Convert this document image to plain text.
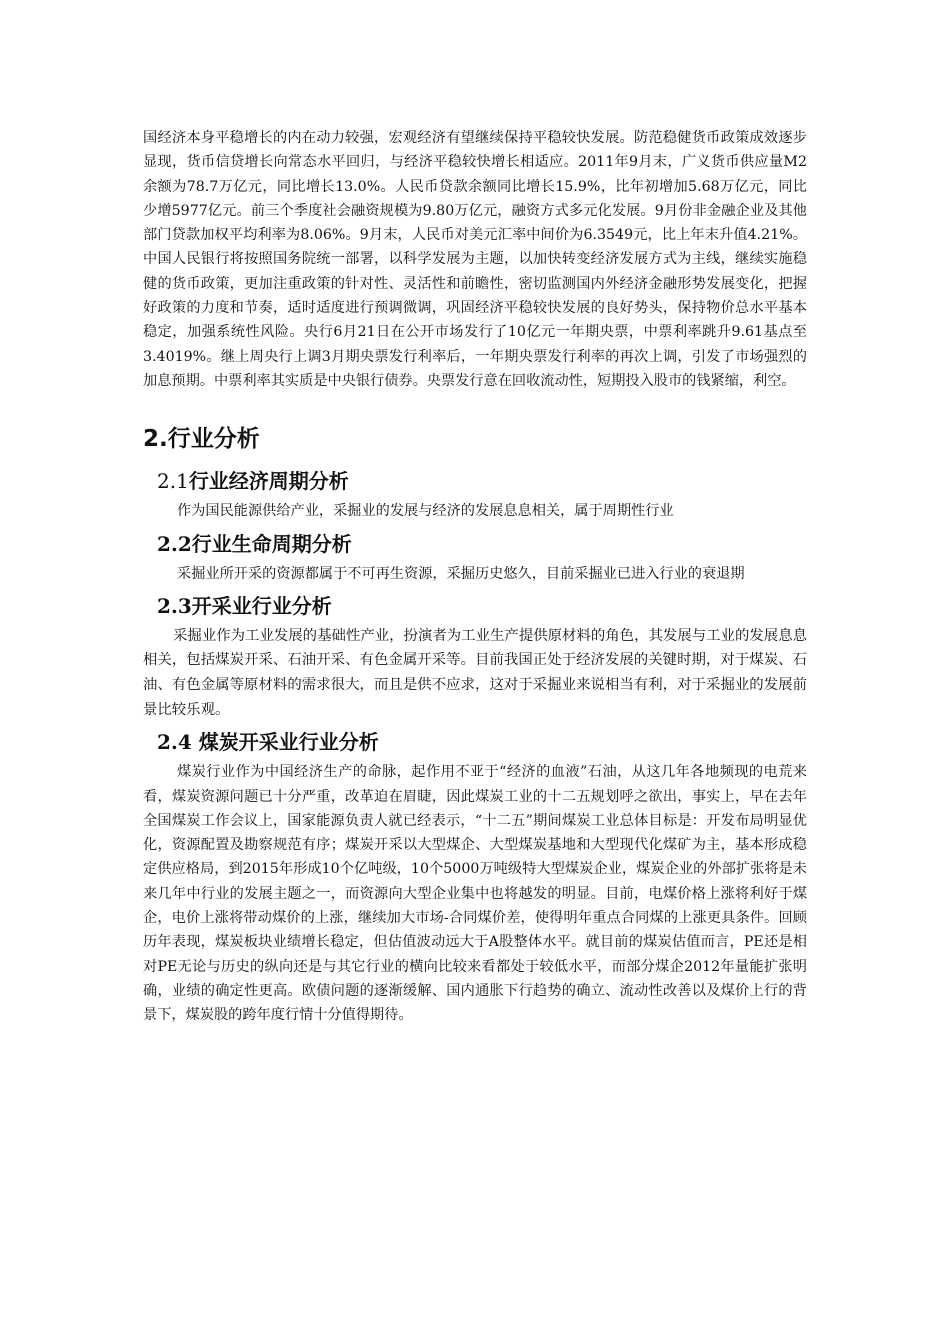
国经济本身平稳增长的内在动力较强，宏观经济有望继续保持平稳较快发展。防范稳健货币政策成效逐步显现，货币信贷增长向常态水平回归，与经济平稳较快增长相适应。2011年9月末，广义货币供应量M2余额为78.7万亿元，同比增长13.0%。人民币贷款余额同比增长15.9%，比年初增加5.68万亿元，同比少增5977亿元。前三个季度社会融资规模为9.80万亿元，融资方式多元化发展。9月份非金融企业及其他部门贷款加权平均利率为8.06%。9月末，人民币对美元汇率中间价为6.3549元，比上年末升值4.21%。中国人民银行将按照国务院统一部署，以科学发展为主题，以加快转变经济发展方式为主线，继续实施稳健的货币政策，更加注重政策的针对性、灵活性和前瞻性，密切监测国内外经济金融形势发展变化，把握好政策的力度和节奏，适时适度进行预调微调，巩固经济平稳较快发展的良好势头，保持物价总水平基本稳定，加强系统性风险。央行6月21日在公开市场发行了10亿元一年期央票，中票利率跳升9.61基点至3.4019%。继上周央行上调3月期央票发行利率后，一年期央票发行利率的再次上调，引发了市场强烈的加息预期。中票利率其实质是中央银行债券。央票发行意在回收流动性，短期投入股市的钱紧缩，利空。

2.行业分析
2.1行业经济周期分析

作为国民能源供给产业，采掘业的发展与经济的发展息息相关，属于周期性行业

2.2行业生命周期分析

采掘业所开采的资源都属于不可再生资源，采掘历史悠久，目前采掘业已进入行业的衰退期

2.3开采业行业分析

采掘业作为工业发展的基础性产业，扮演者为工业生产提供原材料的角色，其发展与工业的发展息息相关，包括煤炭开采、石油开采、有色金属开采等。目前我国正处于经济发展的关键时期，对于煤炭、石油、有色金属等原材料的需求很大，而且是供不应求，这对于采掘业来说相当有利，对于采掘业的发展前景比较乐观。

2.4 煤炭开采业行业分析

煤炭行业作为中国经济生产的命脉，起作用不亚于“经济的血液”石油，从这几年各地频现的电荒来看，煤炭资源问题已十分严重，改革迫在眉睫，因此煤炭工业的十二五规划呼之欲出，事实上，早在去年全国煤炭工作会议上，国家能源负责人就已经表示，“十二五”期间煤炭工业总体目标是：开发布局明显优化，资源配置及勘察规范有序；煤炭开采以大型煤企、大型煤炭基地和大型现代化煤矿为主，基本形成稳定供应格局，到2015年形成10个亿吨级，10个5000万吨级特大型煤炭企业，煤炭企业的外部扩张将是未来几年中行业的发展主题之一，而资源向大型企业集中也将越发的明显。目前，电煤价格上涨将利好于煤企，电价上涨将带动煤价的上涨，继续加大市场-合同煤价差，使得明年重点合同煤的上涨更具条件。回顾历年表现，煤炭板块业绩增长稳定，但估值波动远大于A股整体水平。就目前的煤炭估值而言，PE还是相对PE无论与历史的纵向还是与其它行业的横向比较来看都处于较低水平，而部分煤企2012年量能扩张明确，业绩的确定性更高。欧债问题的逐渐缓解、国内通胀下行趋势的确立、流动性改善以及煤价上行的背景下，煤炭股的跨年度行情十分值得期待。
